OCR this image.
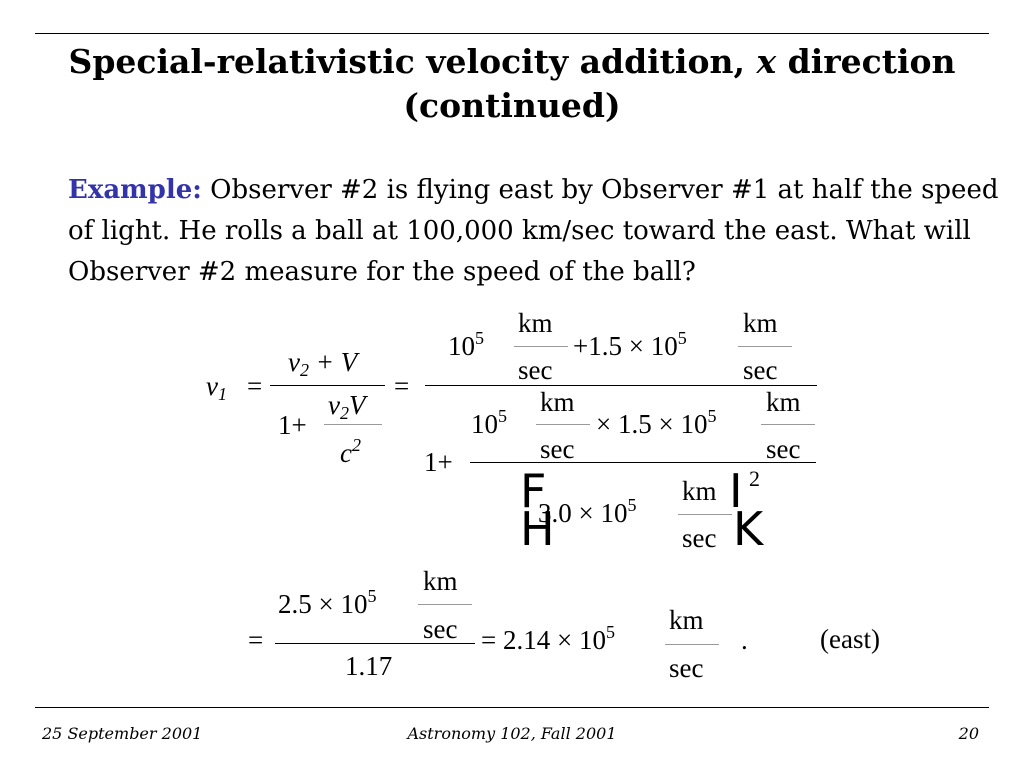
Special-relativistic velocity addition, x direction
(continued)
Example: Observer #2 is flying east by Observer #1 at half the speed of light. He rolls a ball at 100,000 km/sec toward the east. What will Observer #2 measure for the speed of the ball?
v1 =
v2 + V
1+
v2V
$c^2$
=
$10^5$ km
sec
$+1.5 \times 10^5$ km
sec
$10^5$ km
sec
× $1.5 \times 10^5$ km
sec
1+
F
H
$3.0 \times 10^5$ km
sec
I
K
2
=
$2.5 \times 10^5$ km
sec
1.17
= $2.14 \times 10^5$ km
sec
.	(east)
25 September 2001	Astronomy 102, Fall 2001	20
